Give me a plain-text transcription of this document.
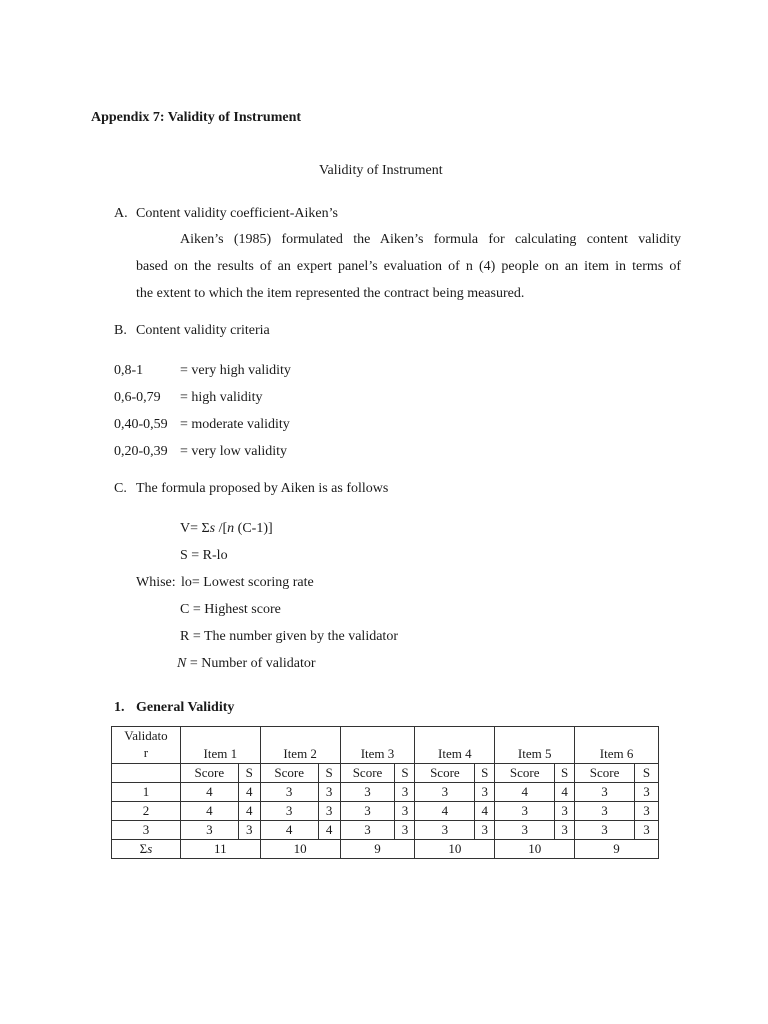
Appendix 7: Validity of Instrument
Validity of Instrument
A. Content validity coefficient-Aiken’s
Aiken’s (1985) formulated the Aiken’s formula for calculating content validity
based on the results of an expert panel’s evaluation of n (4) people on an item in terms of
the extent to which the item represented the contract being measured.
B. Content validity criteria
0,8-1	= very high validity
0,6-0,79 = high validity
0,40-0,59 = moderate validity
0,20-0,39 = very low validity
C. The formula proposed by Aiken is as follows
V= Σs /[n (C-1)]
S = R-lo
Whise: lo= Lowest scoring rate
C = Highest score
R = The number given by the validator
N = Number of validator
1. General Validity
Validato
r	Item 1		Item 2		Item 3		Item 4		Item 5		Item 6	
	Score	S	Score	S	Score	S	Score	S	Score	S	Score	S
1	4	4	3	3	3	3	3	3	4	4	3	3
2	4	4	3	3	3	3	4	4	3	3	3	3
3	3	3	4	4	3	3	3	3	3	3	3	3
Σs	11		10		9		10		10		9	
